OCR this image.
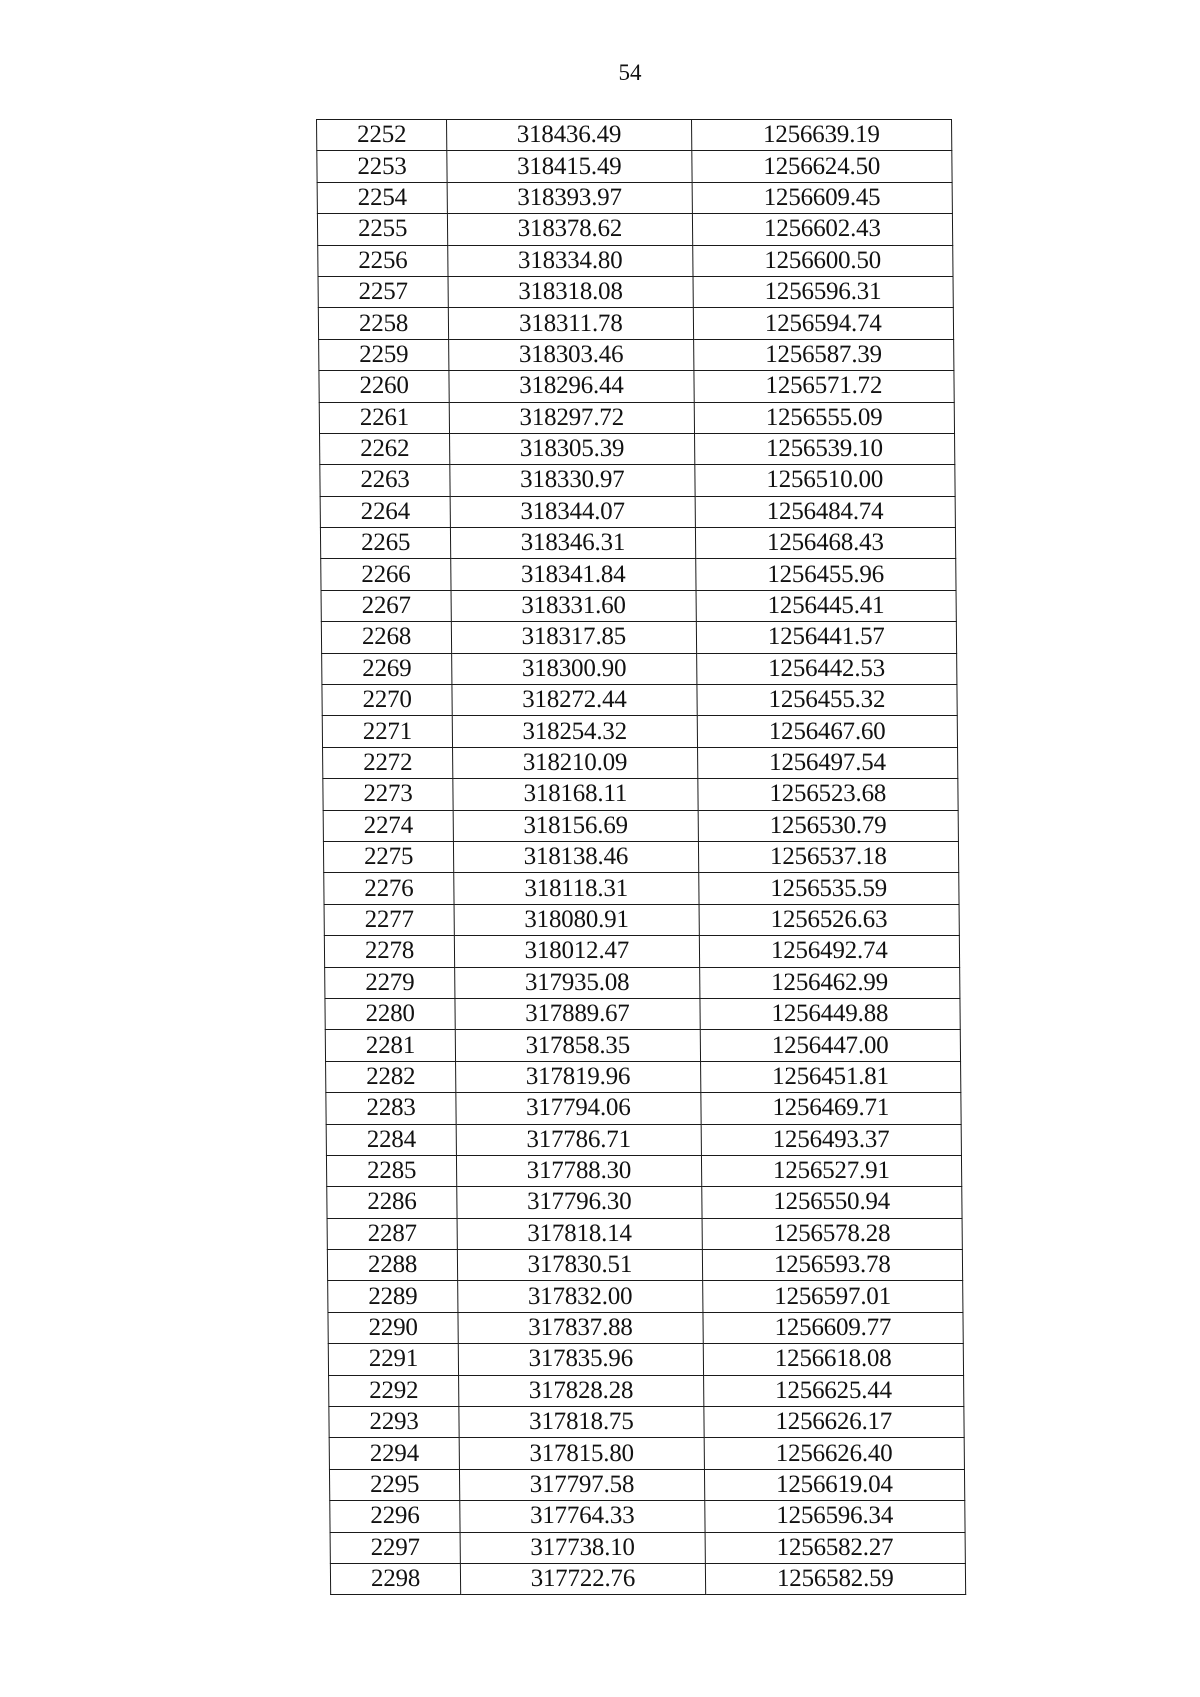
54
2252	318436.49	1256639.19
2253	318415.49	1256624.50
2254	318393.97	1256609.45
2255	318378.62	1256602.43
2256	318334.80	1256600.50
2257	318318.08	1256596.31
2258	318311.78	1256594.74
2259	318303.46	1256587.39
2260	318296.44	1256571.72
2261	318297.72	1256555.09
2262	318305.39	1256539.10
2263	318330.97	1256510.00
2264	318344.07	1256484.74
2265	318346.31	1256468.43
2266	318341.84	1256455.96
2267	318331.60	1256445.41
2268	318317.85	1256441.57
2269	318300.90	1256442.53
2270	318272.44	1256455.32
2271	318254.32	1256467.60
2272	318210.09	1256497.54
2273	318168.11	1256523.68
2274	318156.69	1256530.79
2275	318138.46	1256537.18
2276	318118.31	1256535.59
2277	318080.91	1256526.63
2278	318012.47	1256492.74
2279	317935.08	1256462.99
2280	317889.67	1256449.88
2281	317858.35	1256447.00
2282	317819.96	1256451.81
2283	317794.06	1256469.71
2284	317786.71	1256493.37
2285	317788.30	1256527.91
2286	317796.30	1256550.94
2287	317818.14	1256578.28
2288	317830.51	1256593.78
2289	317832.00	1256597.01
2290	317837.88	1256609.77
2291	317835.96	1256618.08
2292	317828.28	1256625.44
2293	317818.75	1256626.17
2294	317815.80	1256626.40
2295	317797.58	1256619.04
2296	317764.33	1256596.34
2297	317738.10	1256582.27
2298	317722.76	1256582.59
